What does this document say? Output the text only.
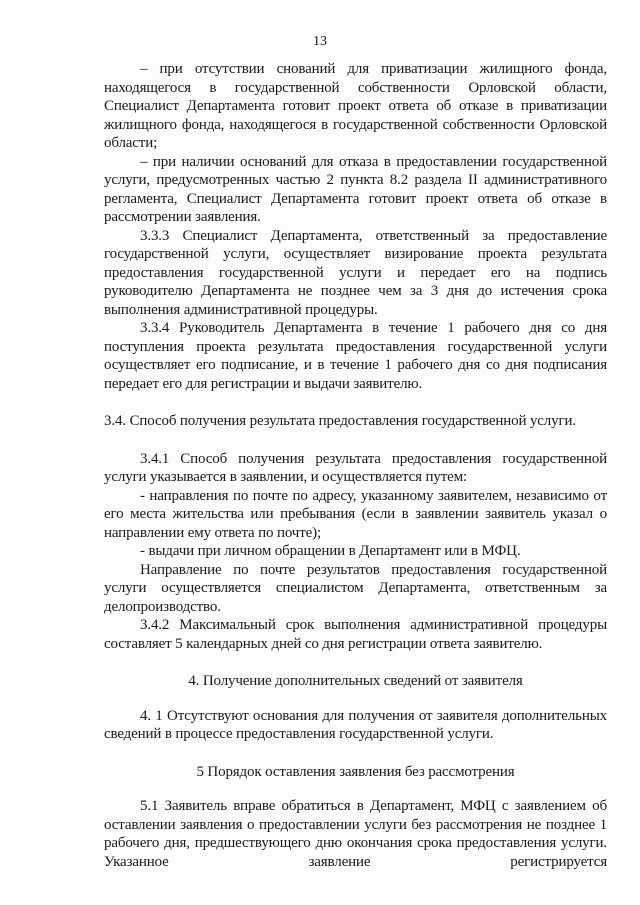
13

– при отсутствии снований для приватизации жилищного фонда, находящегося в государственной собственности Орловской области, Специалист Департамента готовит проект ответа об отказе в приватизации жилищного фонда, находящегося в государственной собственности Орловской области;

– при наличии оснований для отказа в предоставлении государственной услуги, предусмотренных частью 2 пункта 8.2 раздела II административного регламента, Специалист Департамента готовит проект ответа об отказе в рассмотрении заявления.

3.3.3 Специалист Департамента, ответственный за предоставление государственной услуги, осуществляет визирование проекта результата предоставления государственной услуги и передает его на подпись руководителю Департамента не позднее чем за 3 дня до истечения срока выполнения административной процедуры.

3.3.4 Руководитель Департамента в течение 1 рабочего дня со дня поступления проекта результата предоставления государственной услуги осуществляет его подписание, и в течение 1 рабочего дня со дня подписания передает его для регистрации и выдачи заявителю.

3.4. Способ получения результата предоставления государственной услуги.

3.4.1 Способ получения результата предоставления государственной услуги указывается в заявлении, и осуществляется путем:

- направления по почте по адресу, указанному заявителем, независимо от его места жительства или пребывания (если в заявлении заявитель указал о направлении ему ответа по почте);

- выдачи при личном обращении в Департамент или в МФЦ.

Направление по почте результатов предоставления государственной услуги осуществляется специалистом Департамента, ответственным за делопроизводство.

3.4.2 Максимальный срок выполнения административной процедуры составляет 5 календарных дней со дня регистрации ответа заявителю.

4. Получение дополнительных сведений от заявителя

4. 1 Отсутствуют основания для получения от заявителя дополнительных сведений в процессе предоставления государственной услуги.

5 Порядок оставления заявления без рассмотрения

5.1 Заявитель вправе обратиться в Департамент, МФЦ с заявлением об оставлении заявления о предоставлении услуги без рассмотрения не позднее 1 рабочего дня, предшествующего дню окончания срока предоставления услуги. Указанное заявление регистрируется
